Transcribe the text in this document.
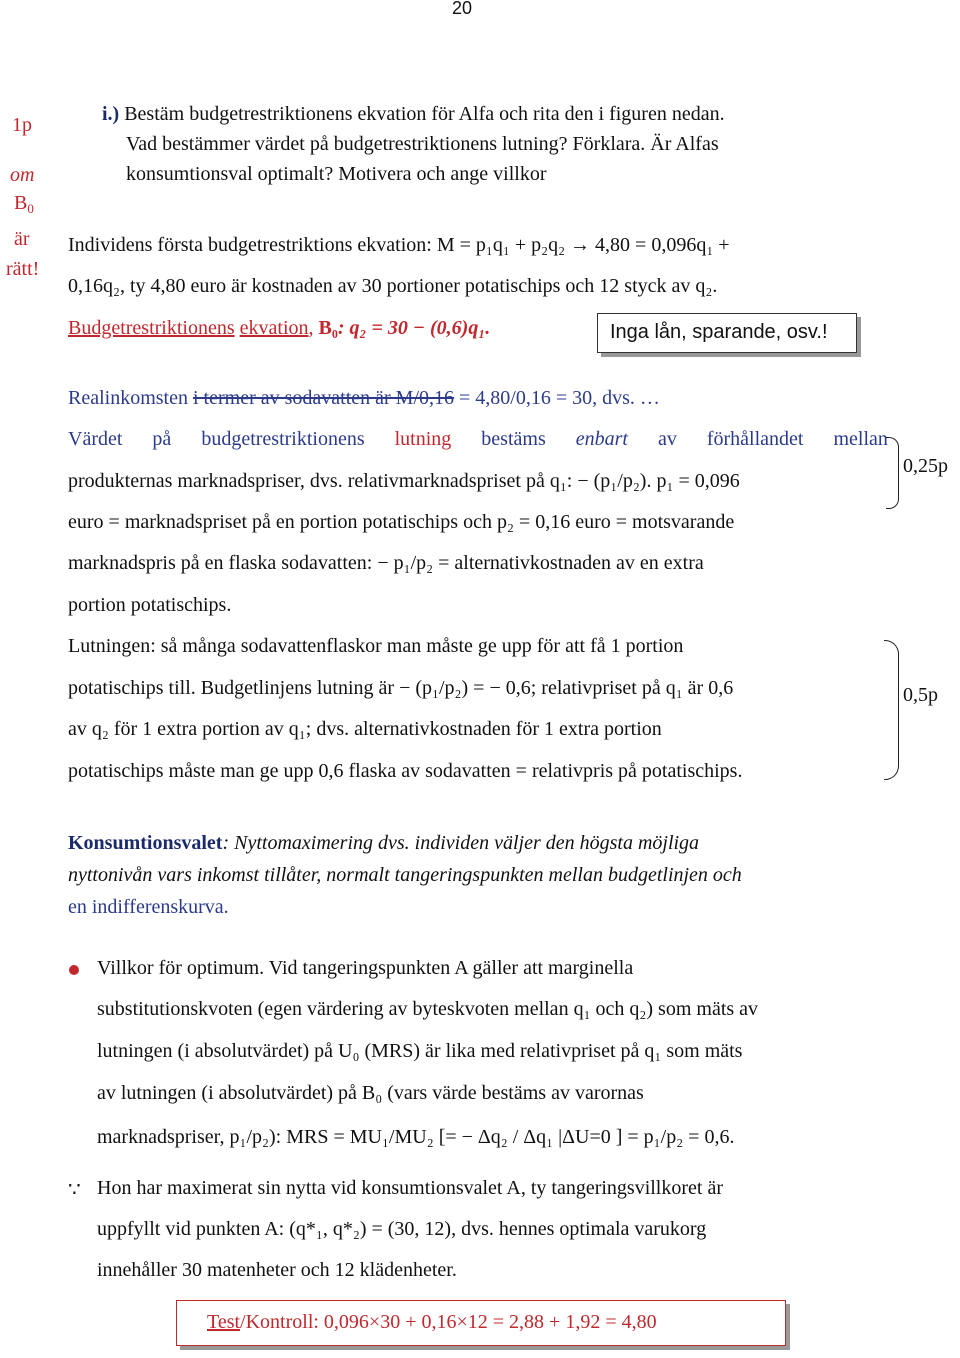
20
1p
om
$B_0$
är
rätt!
i.) Bestäm budgetrestriktionens ekvation för Alfa och rita den i figuren nedan.
Vad bestämmer värdet på budgetrestriktionens lutning? Förklara. Är Alfas
konsumtionsval optimalt? Motivera och ange villkor
Individens första budgetrestriktions ekvation: M = p₁q₁ + p₂q₂ → 4,80 = 0,096q₁ +
0,16q₂, ty 4,80 euro är kostnaden av 30 portioner potatischips och 12 styck av q₂.
Budgetrestriktionens ekvation, B₀: q₂ = 30 − (0,6)q₁.	Inga lån, sparande, osv.!
Realinkomsten i termer av sodavatten är M/0,16 = 4,80/0,16 = 30, dvs. …
Värdet på budgetrestriktionens lutning bestäms enbart av förhållandet mellan
produkternas marknadspriser, dvs. relativmarknadspriset på q₁: − (p₁/p₂). p₁ = 0,096
euro = marknadspriset på en portion potatischips och p₂ = 0,16 euro = motsvarande
marknadspris på en flaska sodavatten: − p₁/p₂ = alternativkostnaden av en extra
portion potatischips.
0,25p
Lutningen: så många sodavattenflaskor man måste ge upp för att få 1 portion
potatischips till. Budgetlinjens lutning är − (p₁/p₂) = − 0,6; relativpriset på q₁ är 0,6
av q₂ för 1 extra portion av q₁; dvs. alternativkostnaden för 1 extra portion
potatischips måste man ge upp 0,6 flaska av sodavatten = relativpris på potatischips.
0,5p
Konsumtionsvalet: Nyttomaximering dvs. individen väljer den högsta möjliga
nyttonivån vars inkomst tillåter, normalt tangeringspunkten mellan budgetlinjen och
en indifferenskurva.
Villkor för optimum. Vid tangeringspunkten A gäller att marginella
substitutionskvoten (egen värdering av byteskvoten mellan q₁ och q₂) som mäts av
lutningen (i absolutvärdet) på U₀ (MRS) är lika med relativpriset på q₁ som mäts
av lutningen (i absolutvärdet) på B₀ (vars värde bestäms av varornas
marknadspriser, p₁/p₂): MRS = MU₁/MU₂ [= − Δq₂ / Δq₁ |ΔU=0 ] = p₁/p₂ = 0,6.
∵ Hon har maximerat sin nytta vid konsumtionsvalet A, ty tangeringsvillkoret är
uppfyllt vid punkten A: (q*₁, q*₂) = (30, 12), dvs. hennes optimala varukorg
innehåller 30 matenheter och 12 klädenheter.
Test/Kontroll: 0,096×30 + 0,16×12 = 2,88 + 1,92 = 4,80
